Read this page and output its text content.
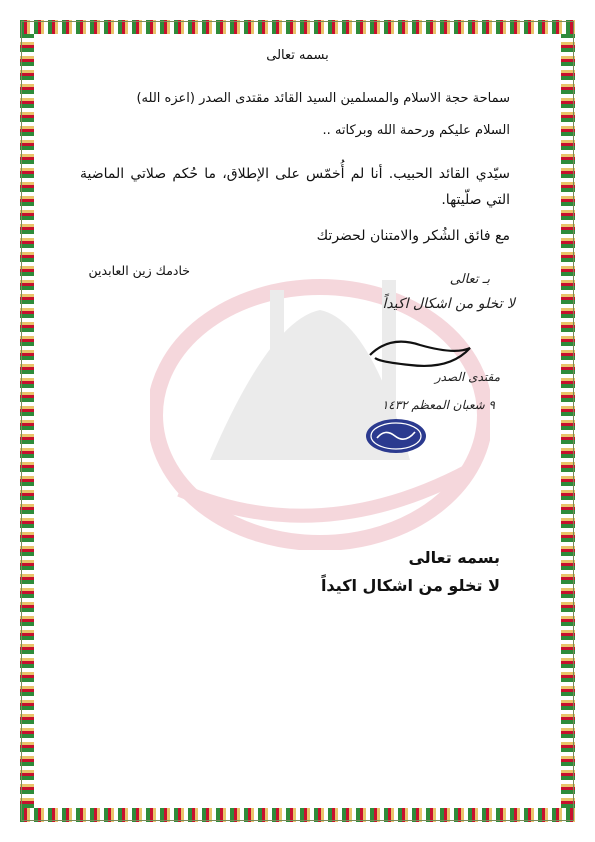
بسمه تعالى
سماحة حجة الاسلام والمسلمين السيد القائد مقتدى الصدر (اعزه الله)
السلام عليكم ورحمة الله وبركاته ..
سيّدي القائد الحبيب. أنا لم أُخمّس على الإطلاق، ما حُكم صلاتي الماضية التي صلّيتها.
مع فائق الشُكر والامتنان لحضرتك
خادمك زين العابدين
بـ تعالى
لا تخلو من اشكال اكيداً
مقتدى الصدر
٩ شعبان المعظم ١٤٣٢
بسمه تعالى
لا تخلو من اشكال اكيداً
